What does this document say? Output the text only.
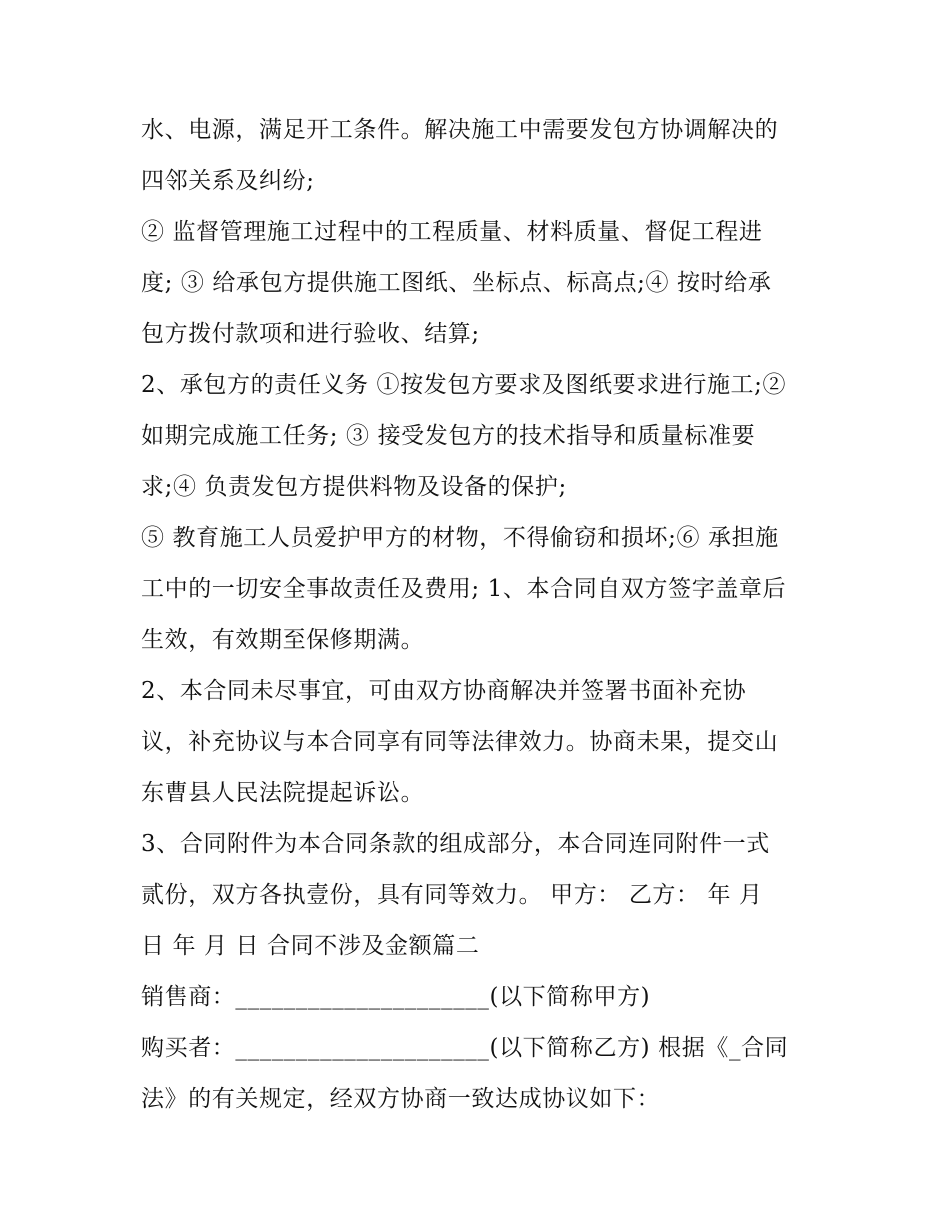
水、电源，满足开工条件。解决施工中需要发包方协调解决的
四邻关系及纠纷;
② 监督管理施工过程中的工程质量、材料质量、督促工程进
度; ③ 给承包方提供施工图纸、坐标点、标高点;④ 按时给承
包方拨付款项和进行验收、结算;
2、承包方的责任义务 ①按发包方要求及图纸要求进行施工;②
如期完成施工任务; ③ 接受发包方的技术指导和质量标准要
求;④ 负责发包方提供料物及设备的保护;
⑤ 教育施工人员爱护甲方的材物，不得偷窃和损坏;⑥ 承担施
工中的一切安全事故责任及费用; 1、本合同自双方签字盖章后
生效，有效期至保修期满。
2、本合同未尽事宜，可由双方协商解决并签署书面补充协
议，补充协议与本合同享有同等法律效力。协商未果，提交山
东曹县人民法院提起诉讼。
3、合同附件为本合同条款的组成部分，本合同连同附件一式
贰份，双方各执壹份，具有同等效力。 甲方： 乙方： 年 月
日 年 月 日 合同不涉及金额篇二
销售商：_____________________(以下简称甲方)
购买者：_____________________(以下简称乙方) 根据《_合同
法》的有关规定，经双方协商一致达成协议如下：
